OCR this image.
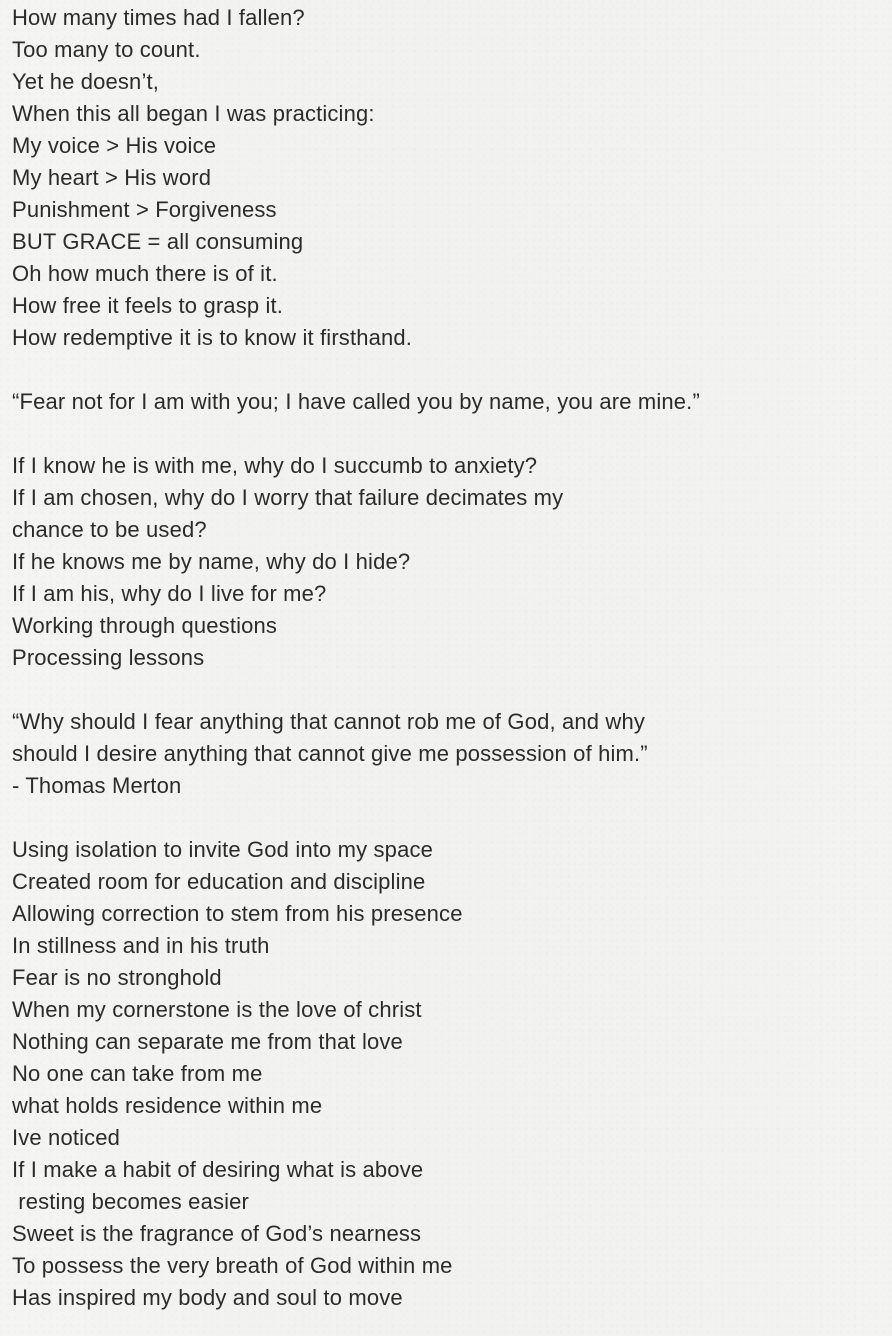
How many times had I fallen?
Too many to count.
Yet he doesn’t,
When this all began I was practicing:
My voice > His voice
My heart > His word
Punishment > Forgiveness
BUT GRACE = all consuming
Oh how much there is of it.
How free it feels to grasp it.
How redemptive it is to know it firsthand.
“Fear not for I am with you; I have called you by name, you are mine.”
If I know he is with me, why do I succumb to anxiety?
If I am chosen, why do I worry that failure decimates my
chance to be used?
If he knows me by name, why do I hide?
If I am his, why do I live for me?
Working through questions
Processing lessons
“Why should I fear anything that cannot rob me of God, and why
should I desire anything that cannot give me possession of him.”
- Thomas Merton
Using isolation to invite God into my space
Created room for education and discipline
Allowing correction to stem from his presence
In stillness and in his truth
Fear is no stronghold
When my cornerstone is the love of christ
Nothing can separate me from that love
No one can take from me
what holds residence within me
Ive noticed
If I make a habit of desiring what is above
resting becomes easier
Sweet is the fragrance of God’s nearness
To possess the very breath of God within me
Has inspired my body and soul to move
